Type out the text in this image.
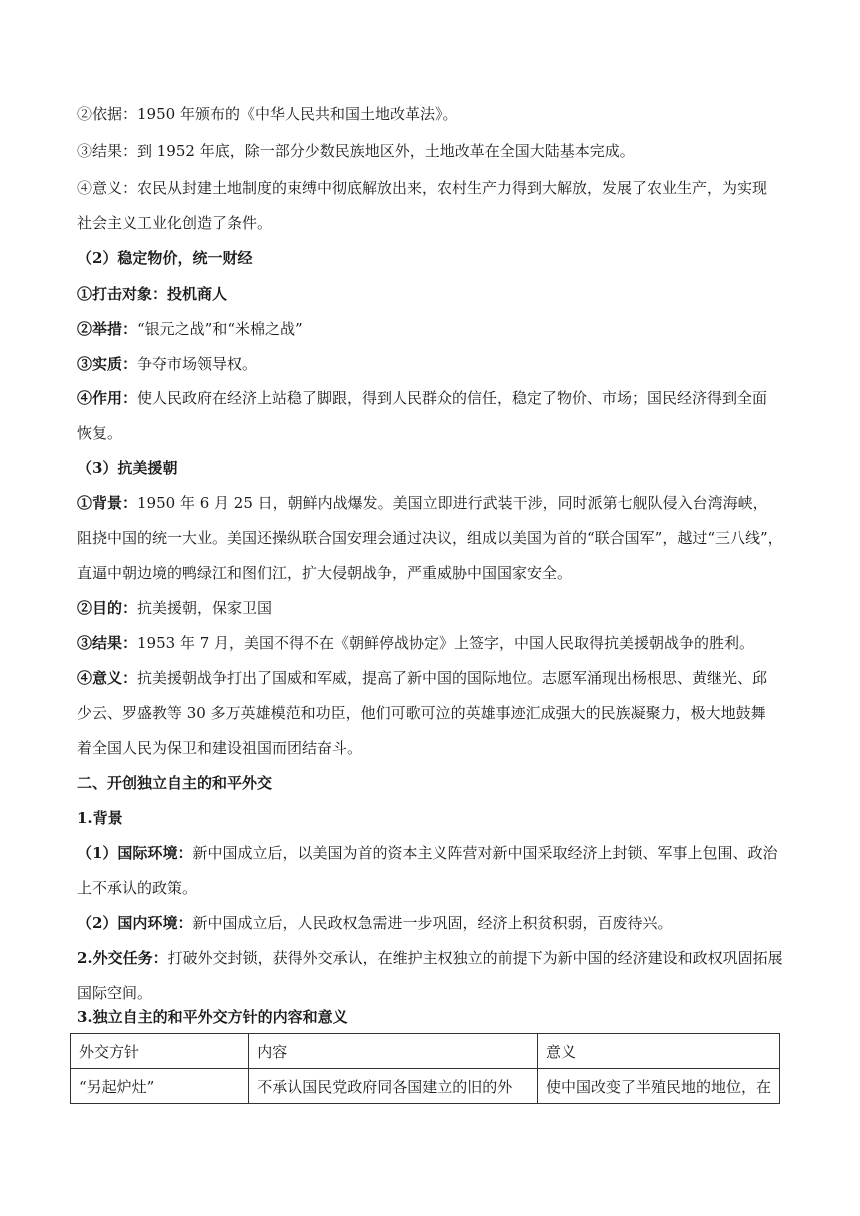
②依据：1950 年颁布的《中华人民共和国土地改革法》。
③结果：到 1952 年底，除一部分少数民族地区外，土地改革在全国大陆基本完成。
④意义：农民从封建土地制度的束缚中彻底解放出来，农村生产力得到大解放，发展了农业生产，为实现
社会主义工业化创造了条件。
（2）稳定物价，统一财经
①打击对象：投机商人
②举措：“银元之战”和“米棉之战”
③实质：争夺市场领导权。
④作用：使人民政府在经济上站稳了脚跟，得到人民群众的信任，稳定了物价、市场；国民经济得到全面
恢复。
（3）抗美援朝
①背景：1950 年 6 月 25 日，朝鲜内战爆发。美国立即进行武装干涉，同时派第七舰队侵入台湾海峡，
阻挠中国的统一大业。美国还操纵联合国安理会通过决议，组成以美国为首的“联合国军”，越过“三八线”，
直逼中朝边境的鸭绿江和图们江，扩大侵朝战争，严重威胁中国国家安全。
②目的：抗美援朝，保家卫国
③结果：1953 年 7 月，美国不得不在《朝鲜停战协定》上签字，中国人民取得抗美援朝战争的胜利。
④意义：抗美援朝战争打出了国威和军威，提高了新中国的国际地位。志愿军涌现出杨根思、黄继光、邱
少云、罗盛教等 30 多万英雄模范和功臣，他们可歌可泣的英雄事迹汇成强大的民族凝聚力，极大地鼓舞
着全国人民为保卫和建设祖国而团结奋斗。
二、开创独立自主的和平外交
1.背景
（1）国际环境：新中国成立后，以美国为首的资本主义阵营对新中国采取经济上封锁、军事上包围、政治
上不承认的政策。
（2）国内环境：新中国成立后，人民政权急需进一步巩固，经济上积贫积弱，百废待兴。
2.外交任务：打破外交封锁，获得外交承认，在维护主权独立的前提下为新中国的经济建设和政权巩固拓展
国际空间。
3.独立自主的和平外交方针的内容和意义
外交方针	内容	意义
“另起炉灶”	不承认国民党政府同各国建立的旧的外	使中国改变了半殖民地的地位，在
